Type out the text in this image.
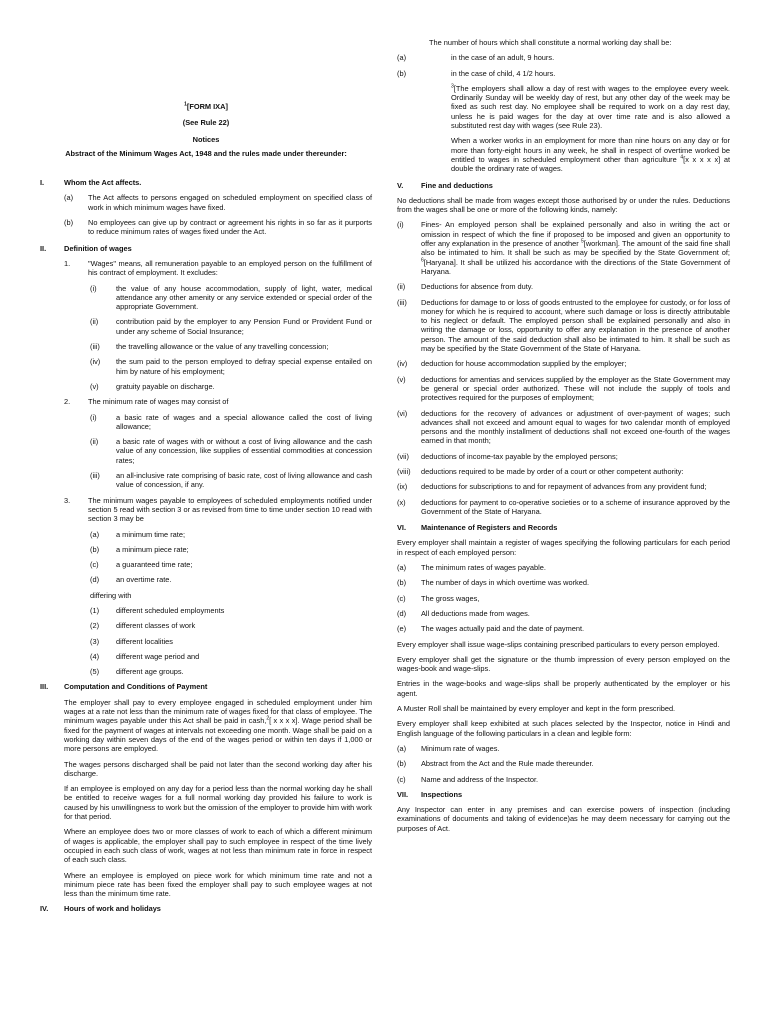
$^1$[FORM IXA]

(See Rule 22)

Notices

Abstract of the Minimum Wages Act, 1948 and the rules made under thereunder:

I.	Whom the Act affects.
(a) The Act affects to persons engaged on scheduled employment on specified class of work in which minimum wages have fixed.
(b) No employees can give up by contract or agreement his rights in so far as it purports to reduce minimum rates of wages fixed under the Act.
II. Definition of wages
1. "Wages" means, all remuneration payable to an employed person on the fulfillment of his contract of employment. It excludes:
(i)	the value of any house accommodation, supply of light, water, medical attendance any other amenity or any service extended or special order of the appropriate Government.
(ii) contribution paid by the employer to any Pension Fund or Provident Fund or under any scheme of Social Insurance;
(iii) the travelling allowance or the value of any travelling concession;
(iv) the sum paid to the person employed to defray special expense entailed on him by nature of his employment;
(v) gratuity payable on discharge.
2. The minimum rate of wages may consist of
(i)	a basic rate of wages and a special allowance called the cost of living allowance;
(ii) a basic rate of wages with or without a cost of living allowance and the cash value of any concession, like supplies of essential commodities at concession rates;
(iii) an all-inclusive rate comprising of basic rate, cost of living allowance and cash value of concession, if any.
3. The minimum wages payable to employees of scheduled employments notified under section 5 read with section 3 or as revised from time to time under section 10 read with section 3 may be
(a) a minimum time rate;
(b) a minimum piece rate;
(c) a guaranteed time rate;
(d) an overtime rate.

differing with

(1) different scheduled employments
(2) different classes of work
(3) different localities
(4) different wage period and
(5) different age groups.
III. Computation and Conditions of Payment

The employer shall pay to every employee engaged in scheduled employment under him wages at a rate not less than the minimum rate of wages fixed for that class of employee. The minimum wages payable under this Act shall be paid in cash,$^2$[ x x x x]. Wage period shall be fixed for the payment of wages at intervals not exceeding one month. Wage shall be paid on a working day within seven days of the end of the wages period or within ten days if 1,000 or more persons are employed.

The wages persons discharged shall be paid not later than the second working day after his discharge.

If an employee is employed on any day for a period less than the normal working day he shall be entitled to receive wages for a full normal working day provided his failure to work is caused by his unwillingness to work but the omission of the employer to provide him with work for that period.

Where an employee does two or more classes of work to each of which a different minimum of wages is applicable, the employer shall pay to such employee in respect of the time lively occupied in each such class of work, wages at not less than minimum rate in force in respect of each such class.

Where an employee is employed on piece work for which minimum time rate and not a minimum piece rate has been fixed the employer shall pay to such employee wages at not less than the minimum time rate.

IV. Hours of work and holidays

The number of hours which shall constitute a normal working day shall be:

(a)	in the case of an adult, 9 hours.
(b)	in the case of child, 4 1/2 hours.

$^3$[The employers shall allow a day of rest with wages to the employee every week. Ordinarily Sunday will be weekly day of rest, but any other day of the week may be fixed as such rest day. No employee shall be required to work on a day rest day, unless he is paid wages for the day at over time rate and is also allowed a substituted rest day with wages (see Rule 23).

When a worker works in an employment for more than nine hours on any day or for more than forty-eight hours in any week, he shall in respect of overtime worked be entitled to wages in scheduled employment other than agriculture $^4$[x x x x x] at double the ordinary rate of wages.

V. Fine and deductions

No deductions shall be made from wages except those authorised by or under the rules. Deductions from the wages shall be one or more of the following kinds, namely:

(i) Fines- An employed person shall be explained personally and also in writing the act or omission in respect of which the fine if proposed to be imposed and given an opportunity to offer any explanation in the presence of another $^5$[workman]. The amount of the said fine shall also be intimated to him. It shall be such as may be specified by the State Government of; $^6$[Haryana]. It shall be utilized his accordance with the directions of the State Government of Haryana.
(ii) Deductions for absence from duty.
(iii) Deductions for damage to or loss of goods entrusted to the employee for custody, or for loss of money for which he is required to account, where such damage or loss is directly attributable to his neglect or default. The employed person shall be explained personally and also in writing the damage or loss, opportunity to offer any explanation in the presence of another person. The amount of the said deduction shall also be intimated to him. It shall be such as may be specified by the State Government of the State of Haryana.
(iv) deduction for house accommodation supplied by the employer;
(v) deductions for amentias and services supplied by the employer as the State Government may be general or special order authorized. These will not include the supply of tools and protectives required for the purposes of employment;
(vi) deductions for the recovery of advances or adjustment of over-payment of wages; such advances shall not exceed and amount equal to wages for two calendar month of employed persons and the monthly installment of deductions shall not exceed one-fourth of the wages earned in that month;
(vii) deductions of income-tax payable by the employed persons;
(viii) deductions required to be made by order of a court or other competent authority:
(ix) deductions for subscriptions to and for repayment of advances from any provident fund;
(x) deductions for payment to co-operative societies or to a scheme of insurance approved by the Government of the State of Haryana.
VI. Maintenance of Registers and Records

Every employer shall maintain a register of wages specifying the following particulars for each period in respect of each employed person:

(a) The minimum rates of wages payable.
(b) The number of days in which overtime was worked.
(c) The gross wages,
(d) All deductions made from wages.
(e) The wages actually paid and the date of payment.

Every employer shall issue wage-slips containing prescribed particulars to every person employed.

Every employer shall get the signature or the thumb impression of every person employed on the wages-book and wage-slips.

Entries in the wage-books and wage-slips shall be properly authenticated by the employer or his agent.

A Muster Roll shall be maintained by every employer and kept in the form prescribed.

Every employer shall keep exhibited at such places selected by the Inspector, notice in Hindi and English language of the following particulars in a clean and legible form:

(a) Minimum rate of wages.
(b) Abstract from the Act and the Rule made thereunder.
(c) Name and address of the Inspector.
VII. Inspections

Any Inspector can enter in any premises and can exercise powers of inspection (including examinations of documents and taking of evidence)as he may deem necessary for carrying out the purposes of Act.
